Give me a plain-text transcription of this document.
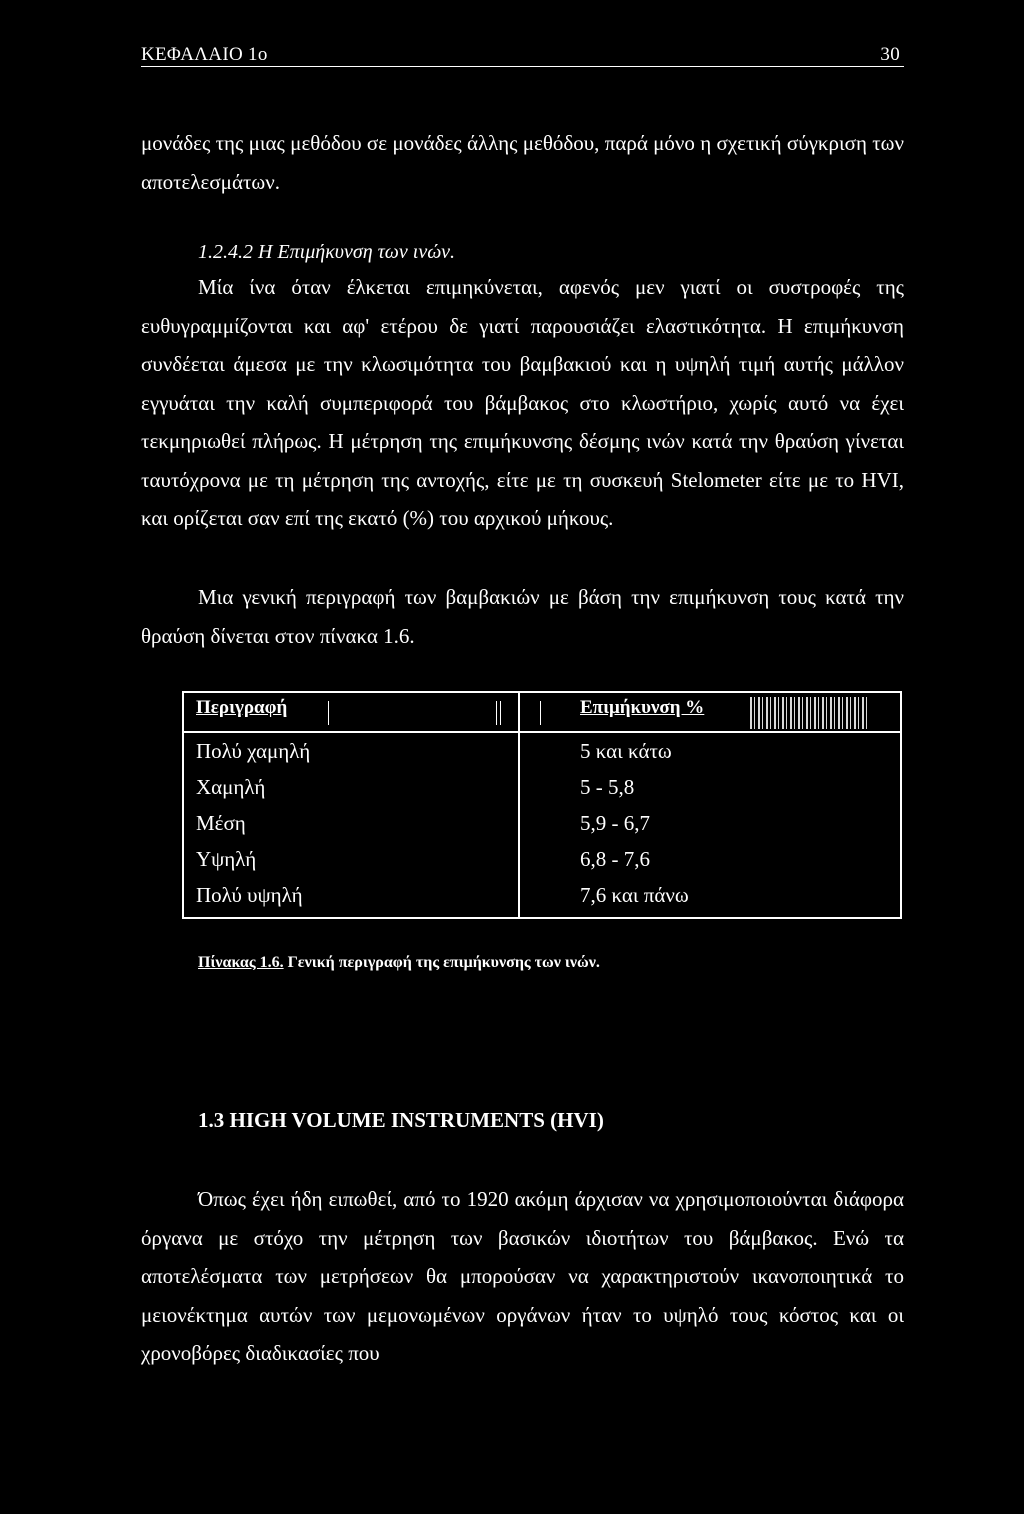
ΚΕΦΑΛΑΙΟ 1ο	30

μονάδες της μιας μεθόδου σε μονάδες άλλης μεθόδου, παρά μόνο η σχετική σύγκριση των αποτελεσμάτων.

1.2.4.2 Η Επιμήκυνση των ινών.

Μία ίνα όταν έλκεται επιμηκύνεται, αφενός μεν γιατί οι συστροφές της ευθυγραμμίζονται και αφ' ετέρου δε γιατί παρουσιάζει ελαστικότητα. Η επιμήκυνση συνδέεται άμεσα με την κλωσιμότητα του βαμβακιού και η υψηλή τιμή αυτής μάλλον εγγυάται την καλή συμπεριφορά του βάμβακος στο κλωστήριο, χωρίς αυτό να έχει τεκμηριωθεί πλήρως. Η μέτρηση της επιμήκυνσης δέσμης ινών κατά την θραύση γίνεται ταυτόχρονα με τη μέτρηση της αντοχής, είτε με τη συσκευή Stelometer είτε με το HVI, και ορίζεται σαν επί της εκατό (%) του αρχικού μήκους.

Μια γενική περιγραφή των βαμβακιών με βάση την επιμήκυνση τους κατά την θραύση δίνεται στον πίνακα 1.6.

Περιγραφή	Επιμήκυνση %
Πολύ χαμηλή	5 και κάτω
Χαμηλή	5 - 5,8
Μέση	5,9 - 6,7
Υψηλή	6,8 - 7,6
Πολύ υψηλή	7,6 και πάνω
Πίνακας 1.6. Γενική περιγραφή της επιμήκυνσης των ινών.

1.3 HIGH VOLUME INSTRUMENTS (HVI)

Όπως έχει ήδη ειπωθεί, από το 1920 ακόμη άρχισαν να χρησιμοποιούνται διάφορα όργανα με στόχο την μέτρηση των βασικών ιδιοτήτων του βάμβακος. Ενώ τα αποτελέσματα των μετρήσεων θα μπορούσαν να χαρακτηριστούν ικανοποιητικά το μειονέκτημα αυτών των μεμονωμένων οργάνων ήταν το υψηλό τους κόστος και οι χρονοβόρες διαδικασίες που
